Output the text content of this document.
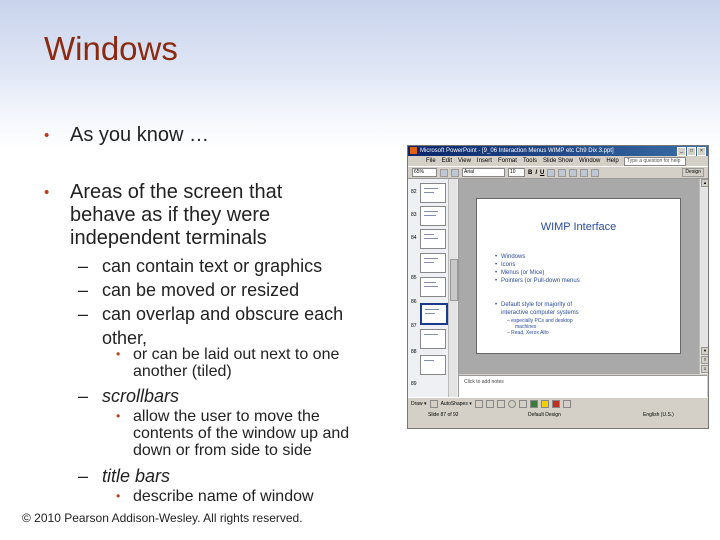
Windows
• As you know …
• Areas of the screen that
behave as if they were
independent terminals
– can contain text or graphics
– can be moved or resized
– can overlap and obscure each
other,
• or can be laid out next to one
another (tiled)
– scrollbars
• allow the user to move the
contents of the window up and
down or from side to side
– title bars
• describe name of window
© 2010 Pearson Addison-Wesley. All rights reserved.
Microsoft PowerPoint - [9_06 Interaction Menus WIMP etc Ch9 Dix 3.ppt]	_	□	×
File Edit View Insert Format Tools Slide Show Window Help	Type a question for help
65%	Arial	10	B I U	Design
82
83
84
85
86
87
88
89
WIMP Interface
• Windows
• Icons
• Menus (or Mice)
• Pointers (or Pull-down menus
• Default style for majority of
interactive computer systems
– especially PCs and desktop
machines
– Read, Xerox Alto
▲
▼
⇑
⇓
Click to add notes
Draw ▾	AutoShapes ▾
Slide 87 of 92	Default Design	English (U.S.)
